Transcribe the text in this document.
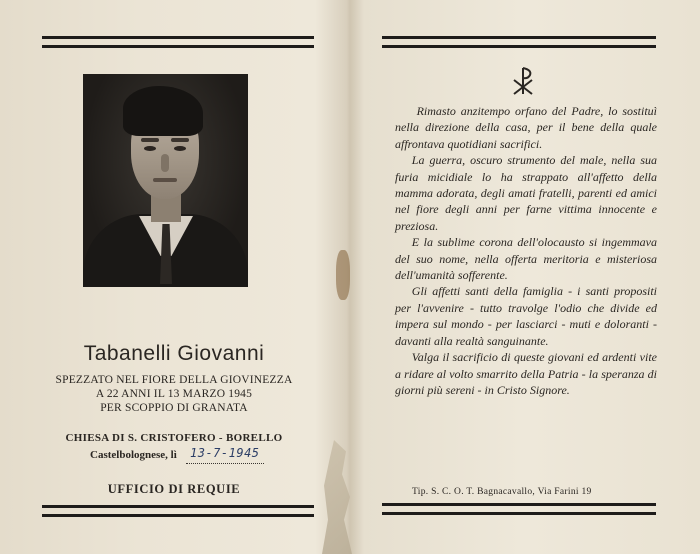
Tabanelli Giovanni
SPEZZATO NEL FIORE DELLA GIOVINEZZA
A 22 ANNI IL 13 MARZO 1945
PER SCOPPIO DI GRANATA
CHIESA DI S. CRISTOFERO - BORELLO
Castelbolognese, lì 13-7-1945
UFFICIO DI REQUIE

Rimasto anzitempo orfano del Padre, lo sostituì nella direzione della casa, per il bene della quale affrontava quotidiani sacrifici.

La guerra, oscuro strumento del male, nella sua furia micidiale lo ha strappato all'affetto della mamma adorata, degli amati fratelli, parenti ed amici nel fiore degli anni per farne vittima innocente e preziosa.

E la sublime corona dell'olocausto si ingemmava del suo nome, nella offerta meritoria e misteriosa dell'umanità sofferente.

Gli affetti santi della famiglia - i santi propositi per l'avvenire - tutto travolge l'odio che divide ed impera sul mondo - per lasciarci - muti e doloranti - davanti alla realtà sanguinante.

Valga il sacrificio di queste giovani ed ardenti vite a ridare al volto smarrito della Patria - la speranza di giorni più sereni - in Cristo Signore.

Tip. S. C. O. T. Bagnacavallo, Via Farini 19
